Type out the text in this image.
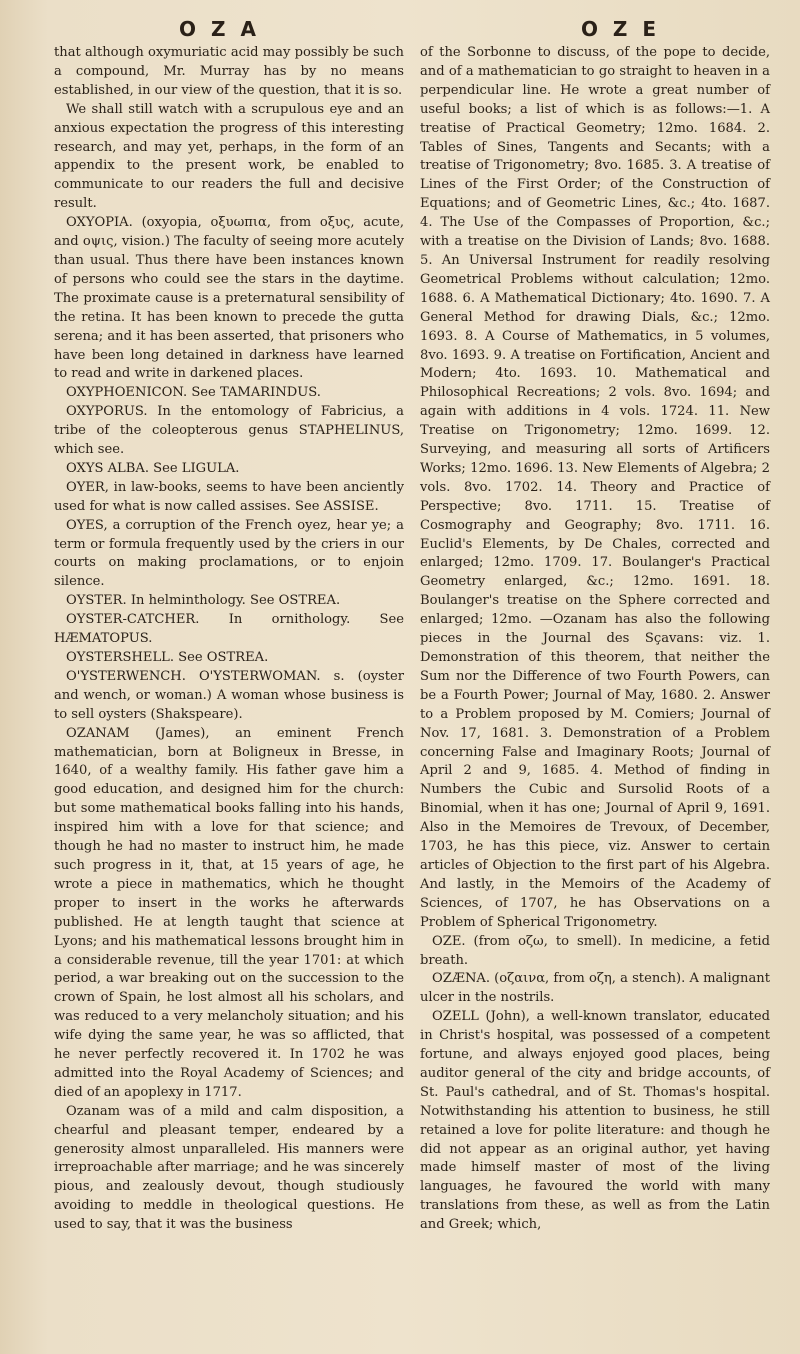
O Z A	O Z E

that although oxymuriatic acid may possibly be such a compound, Mr. Murray has by no means established, in our view of the question, that it is so.

We shall still watch with a scrupulous eye and an anxious expectation the progress of this interesting research, and may yet, perhaps, in the form of an appendix to the present work, be enabled to communicate to our readers the full and decisive result.

OXYOPIA. (oxyopia, οξυωπια, from οξυς, acute, and οψις, vision.) The faculty of seeing more acutely than usual. Thus there have been instances known of persons who could see the stars in the daytime. The proximate cause is a preternatural sensibility of the retina. It has been known to precede the gutta serena; and it has been asserted, that prisoners who have been long detained in darkness have learned to read and write in darkened places.

OXYPHOENICON. See TAMARINDUS.

OXYPORUS. In the entomology of Fabricius, a tribe of the coleopterous genus STAPHELINUS, which see.

OXYS ALBA. See LIGULA.

OYER, in law-books, seems to have been anciently used for what is now called assises. See ASSISE.

OYES, a corruption of the French oyez, hear ye; a term or formula frequently used by the criers in our courts on making proclamations, or to enjoin silence.

OYSTER. In helminthology. See OSTREA.

OYSTER-CATCHER. In ornithology. See HÆMATOPUS.

OYSTERSHELL. See OSTREA.

O'YSTERWENCH. O'YSTERWOMAN. s. (oyster and wench, or woman.) A woman whose business is to sell oysters (Shakspeare).

OZANAM (James), an eminent French mathematician, born at Boligneux in Bresse, in 1640, of a wealthy family. His father gave him a good education, and designed him for the church: but some mathematical books falling into his hands, inspired him with a love for that science; and though he had no master to instruct him, he made such progress in it, that, at 15 years of age, he wrote a piece in mathematics, which he thought proper to insert in the works he afterwards published. He at length taught that science at Lyons; and his mathematical lessons brought him in a considerable revenue, till the year 1701: at which period, a war breaking out on the succession to the crown of Spain, he lost almost all his scholars, and was reduced to a very melancholy situation; and his wife dying the same year, he was so afflicted, that he never perfectly recovered it. In 1702 he was admitted into the Royal Academy of Sciences; and died of an apoplexy in 1717.

Ozanam was of a mild and calm disposition, a chearful and pleasant temper, endeared by a generosity almost unparalleled. His manners were irreproachable after marriage; and he was sincerely pious, and zealously devout, though studiously avoiding to meddle in theological questions. He used to say, that it was the business

of the Sorbonne to discuss, of the pope to decide, and of a mathematician to go straight to heaven in a perpendicular line. He wrote a great number of useful books; a list of which is as follows:—1. A treatise of Practical Geometry; 12mo. 1684. 2. Tables of Sines, Tangents and Secants; with a treatise of Trigonometry; 8vo. 1685. 3. A treatise of Lines of the First Order; of the Construction of Equations; and of Geometric Lines, &c.; 4to. 1687. 4. The Use of the Compasses of Proportion, &c.; with a treatise on the Division of Lands; 8vo. 1688. 5. An Universal Instrument for readily resolving Geometrical Problems without calculation; 12mo. 1688. 6. A Mathematical Dictionary; 4to. 1690. 7. A General Method for drawing Dials, &c.; 12mo. 1693. 8. A Course of Mathematics, in 5 volumes, 8vo. 1693. 9. A treatise on Fortification, Ancient and Modern; 4to. 1693. 10. Mathematical and Philosophical Recreations; 2 vols. 8vo. 1694; and again with additions in 4 vols. 1724. 11. New Treatise on Trigonometry; 12mo. 1699. 12. Surveying, and measuring all sorts of Artificers Works; 12mo. 1696. 13. New Elements of Algebra; 2 vols. 8vo. 1702. 14. Theory and Practice of Perspective; 8vo. 1711. 15. Treatise of Cosmography and Geography; 8vo. 1711. 16. Euclid's Elements, by De Chales, corrected and enlarged; 12mo. 1709. 17. Boulanger's Practical Geometry enlarged, &c.; 12mo. 1691. 18. Boulanger's treatise on the Sphere corrected and enlarged; 12mo. —Ozanam has also the following pieces in the Journal des Sçavans: viz. 1. Demonstration of this theorem, that neither the Sum nor the Difference of two Fourth Powers, can be a Fourth Power; Journal of May, 1680. 2. Answer to a Problem proposed by M. Comiers; Journal of Nov. 17, 1681. 3. Demonstration of a Problem concerning False and Imaginary Roots; Journal of April 2 and 9, 1685. 4. Method of finding in Numbers the Cubic and Sursolid Roots of a Binomial, when it has one; Journal of April 9, 1691. Also in the Memoires de Trevoux, of December, 1703, he has this piece, viz. Answer to certain articles of Objection to the first part of his Algebra. And lastly, in the Memoirs of the Academy of Sciences, of 1707, he has Observations on a Problem of Spherical Trigonometry.

OZE. (from οζω, to smell). In medicine, a fetid breath.

OZÆNA. (οζαινα, from οζη, a stench). A malignant ulcer in the nostrils.

OZELL (John), a well-known translator, educated in Christ's hospital, was possessed of a competent fortune, and always enjoyed good places, being auditor general of the city and bridge accounts, of St. Paul's cathedral, and of St. Thomas's hospital. Notwithstanding his attention to business, he still retained a love for polite literature: and though he did not appear as an original author, yet having made himself master of most of the living languages, he favoured the world with many translations from these, as well as from the Latin and Greek; which,
